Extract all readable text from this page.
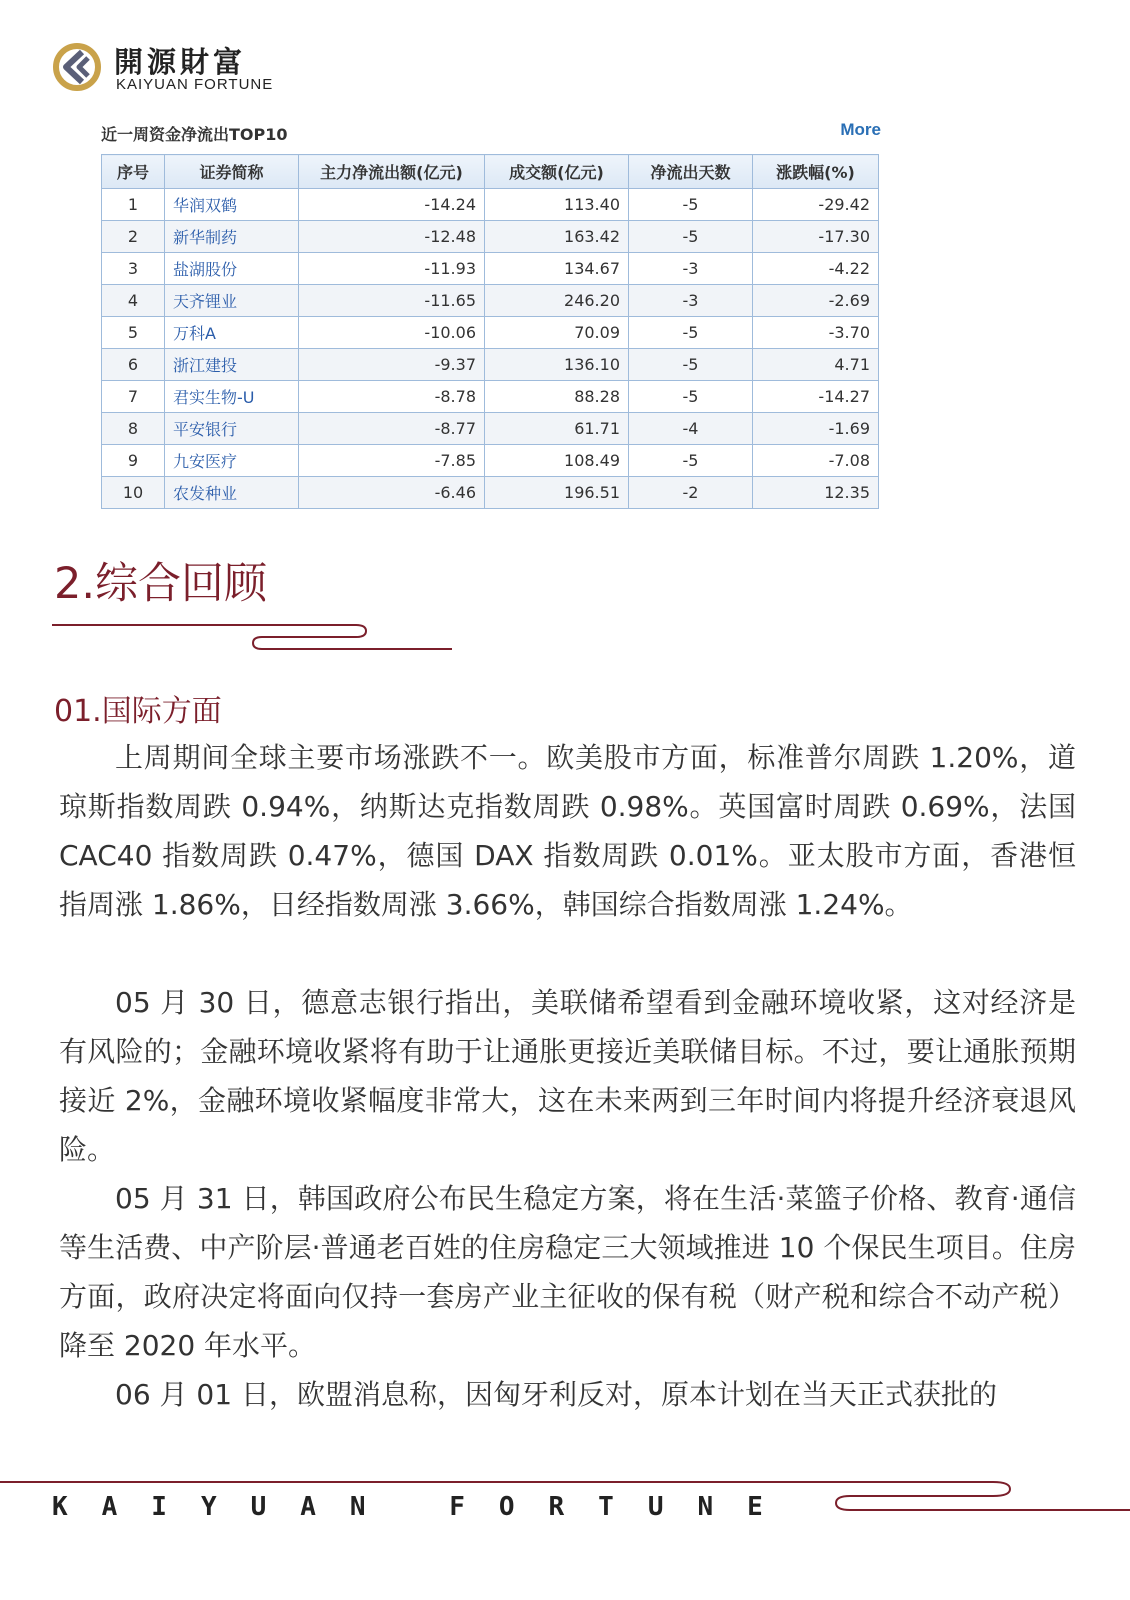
開源財富
KAIYUAN FORTUNE
近一周资金净流出TOP10	More
序号	证券简称	主力净流出额(亿元)	成交额(亿元)	净流出天数	涨跌幅(%)
1	华润双鹤	-14.24	113.40	-5	-29.42
2	新华制药	-12.48	163.42	-5	-17.30
3	盐湖股份	-11.93	134.67	-3	-4.22
4	天齐锂业	-11.65	246.20	-3	-2.69
5	万科A	-10.06	70.09	-5	-3.70
6	浙江建投	-9.37	136.10	-5	4.71
7	君实生物-U	-8.78	88.28	-5	-14.27
8	平安银行	-8.77	61.71	-4	-1.69
9	九安医疗	-7.85	108.49	-5	-7.08
10	农发种业	-6.46	196.51	-2	12.35
2.综合回顾
01.国际方面

上周期间全球主要市场涨跌不一。欧美股市方面，标准普尔周跌 1.20%，道琼斯指数周跌 0.94%，纳斯达克指数周跌 0.98%。英国富时周跌 0.69%，法国 CAC40 指数周跌 0.47%，德国 DAX 指数周跌 0.01%。亚太股市方面，香港恒指周涨 1.86%，日经指数周涨 3.66%，韩国综合指数周涨 1.24%。

05 月 30 日，德意志银行指出，美联储希望看到金融环境收紧，这对经济是有风险的；金融环境收紧将有助于让通胀更接近美联储目标。不过，要让通胀预期接近 2%，金融环境收紧幅度非常大，这在未来两到三年时间内将提升经济衰退风险。

05 月 31 日，韩国政府公布民生稳定方案，将在生活·菜篮子价格、教育·通信等生活费、中产阶层·普通老百姓的住房稳定三大领域推进 10 个保民生项目。住房方面，政府决定将面向仅持一套房产业主征收的保有税（财产税和综合不动产税）降至 2020 年水平。

06 月 01 日，欧盟消息称，因匈牙利反对，原本计划在当天正式获批的

KAIYUAN FORTUNE
